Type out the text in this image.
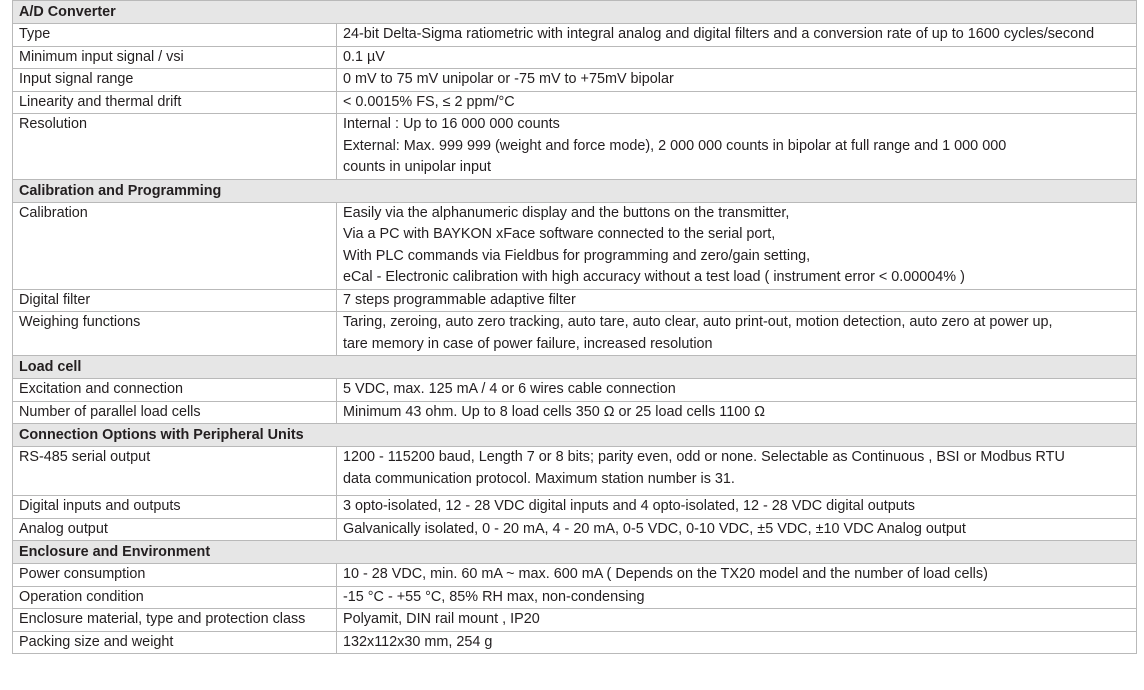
A/D Converter	
Type	24-bit Delta-Sigma ratiometric with integral analog and digital filters and a conversion rate of up to 1600 cycles/second

Minimum input signal / vsi	0.1 µV

Input signal range	0 mV to 75 mV unipolar or -75 mV to +75mV bipolar

Linearity and thermal drift	< 0.0015% FS, ≤ 2 ppm/°C

Resolution	Internal : Up to 16 000 000 counts
External: Max. 999 999 (weight and force mode), 2 000 000 counts in bipolar at full range and 1 000 000
counts in unipolar input

Calibration and Programming	
Calibration	Easily via the alphanumeric display and the buttons on the transmitter,
Via a PC with BAYKON xFace software connected to the serial port,
With PLC commands via Fieldbus for programming and zero/gain setting,
eCal - Electronic calibration with high accuracy without a test load ( instrument error < 0.00004% )

Digital filter	7 steps programmable adaptive filter

Weighing functions	Taring, zeroing, auto zero tracking, auto tare, auto clear, auto print-out, motion detection, auto zero at power up,
tare memory in case of power failure, increased resolution

Load cell	
Excitation and connection	5 VDC, max. 125 mA / 4 or 6 wires cable connection

Number of parallel load cells	Minimum 43 ohm. Up to 8 load cells 350 Ω or 25 load cells 1100 Ω

Connection Options with Peripheral Units	
RS-485 serial output	1200 - 115200 baud, Length 7 or 8 bits; parity even, odd or none. Selectable as Continuous , BSI or Modbus RTU
data communication protocol. Maximum station number is 31.

Digital inputs and outputs	3 opto-isolated, 12 - 28 VDC digital inputs and 4 opto-isolated, 12 - 28 VDC digital outputs

Analog output	Galvanically isolated, 0 - 20 mA, 4 - 20 mA, 0-5 VDC, 0-10 VDC, ±5 VDC, ±10 VDC Analog output

Enclosure and Environment	
Power consumption	10 - 28 VDC, min. 60 mA ~ max. 600 mA ( Depends on the TX20 model and the number of load cells)

Operation condition	-15 °C - +55 °C, 85% RH max, non-condensing

Enclosure material, type and protection class	Polyamit, DIN rail mount , IP20

Packing size and weight	132x112x30 mm, 254 g
